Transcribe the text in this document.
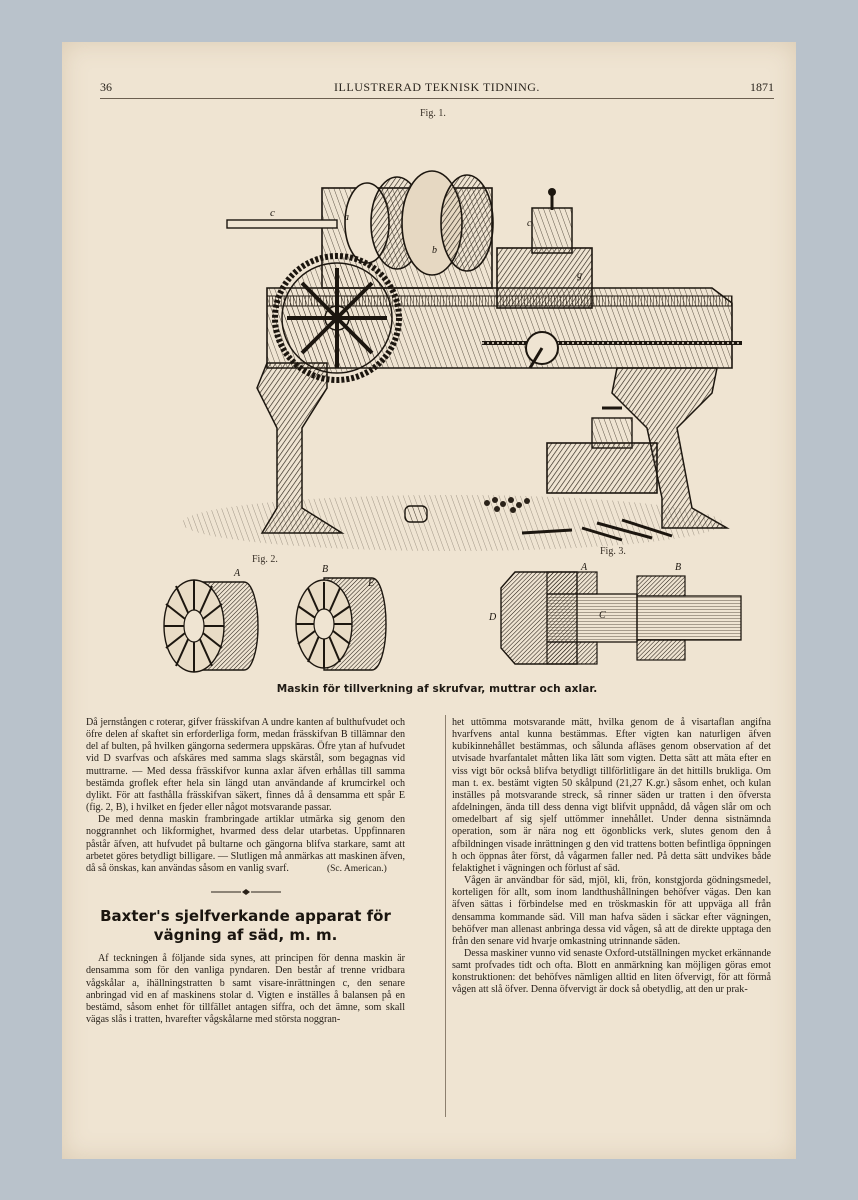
36	ILLUSTRERAD TEKNISK TIDNING.	1871
Fig. 1.
c	a
b
c
g
Fig. 2.
Fig. 3.
A	B
E
A	B
C
D
Maskin för tillverkning af skrufvar, muttrar och axlar.

Då jernstången c roterar, gifver frässkifvan A undre kanten af bulthufvudet och öfre delen af skaftet sin erforderliga form, medan frässkifvan B tillämnar den del af bulten, på hvilken gängorna sedermera uppskäras. Öfre ytan af hufvudet vid D svarfvas och afskäres med samma slags skärstål, som begagnas vid muttrarne. — Med dessa frässkifvor kunna axlar äfven erhållas till samma bestämda groflek efter hela sin längd utan användande af krumcirkel och dylikt. För att fasthålla frässkifvan säkert, finnes då å densamma ett spår E (fig. 2, B), i hvilket en fjeder eller något motsvarande passar.

De med denna maskin frambringade artiklar utmärka sig genom den noggrannhet och likformighet, hvarmed dess delar utarbetas. Uppfinnaren påstår äfven, att hufvudet på bultarne och gängorna blifva starkare, samt att arbetet göres betydligt billigare. — Slutligen må anmärkas att maskinen äfven, då så önskas, kan användas såsom en vanlig svarf.	(Sc. American.)

Baxter's sjelfverkande apparat för vägning af säd, m. m.

Af teckningen å följande sida synes, att principen för denna maskin är densamma som för den vanliga pyndaren. Den består af trenne vridbara vågskålar a, ihällningstratten b samt visare-inrättningen c, den senare anbringad vid en af maskinens stolar d. Vigten e inställes å balansen på en bestämd, såsom enhet för tillfället antagen siffra, och det ämne, som skall vägas slås i tratten, hvarefter vågskålarne med största noggran-

het uttömma motsvarande mätt, hvilka genom de å visartaflan angifna hvarfvens antal kunna bestämmas. Efter vigten kan naturligen äfven kubikinnehållet bestämmas, och sålunda afläses genom observation af det utvisade hvarfantalet måtten lika lätt som vigten. Detta sätt att mäta efter en viss vigt bör också blifva betydligt tillförlitligare än det hittills brukliga. Om man t. ex. bestämt vigten 50 skålpund (21,27 K.gr.) såsom enhet, och kulan inställes på motsvarande streck, så rinner säden ur tratten i den öfversta afdelningen, ända till dess denna vigt blifvit uppnådd, då vågen slår om och omedelbart af sig sjelf uttömmer innehållet. Under denna sistnämnda operation, som är nära nog ett ögonblicks verk, slutes genom den å afbildningen visade inrättningen g den vid trattens botten befintliga öppningen h och öppnas åter först, då vågarmen faller ned. På detta sätt undvikes både felaktighet i vägningen och förlust af säd.

Vågen är användbar för säd, mjöl, kli, frön, konstgjorda gödningsmedel, korteligen för allt, som inom landthushållningen behöfver vägas. Den kan äfven sättas i förbindelse med en tröskmaskin för att uppväga all från densamma kommande säd. Vill man hafva säden i säckar efter vägningen, behöfver man allenast anbringa dessa vid vågen, så att de direkte upptaga den från den senare vid hvarje omkastning utrinnande säden.

Dessa maskiner vunno vid senaste Oxford-utställningen mycket erkännande samt profvades tidt och ofta. Blott en anmärkning kan möjligen göras emot konstruktionen: det behöfves nämligen alltid en liten öfvervigt, för att förmå vågen att slå öfver. Denna öfvervigt är dock så obetydlig, att den ur prak-
